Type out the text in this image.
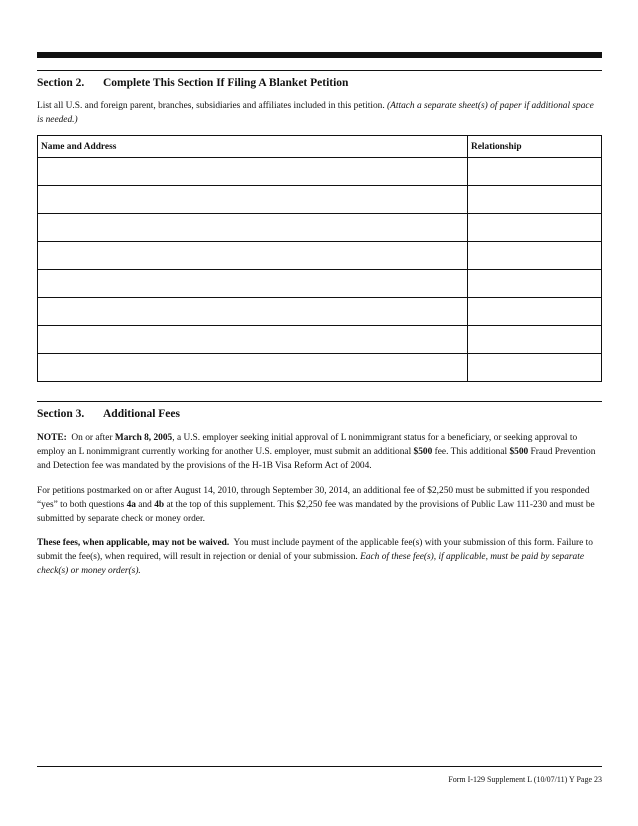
Section 2. Complete This Section If Filing A Blanket Petition
List all U.S. and foreign parent, branches, subsidiaries and affiliates included in this petition. (Attach a separate sheet(s) of paper if additional space is needed.)
Name and Address	Relationship

Section 3. Additional Fees
NOTE: On or after March 8, 2005, a U.S. employer seeking initial approval of L nonimmigrant status for a beneficiary, or seeking approval to employ an L nonimmigrant currently working for another U.S. employer, must submit an additional $500 fee. This additional $500 Fraud Prevention and Detection fee was mandated by the provisions of the H-1B Visa Reform Act of 2004.
For petitions postmarked on or after August 14, 2010, through September 30, 2014, an additional fee of $2,250 must be submitted if you responded “yes” to both questions 4a and 4b at the top of this supplement. This $2,250 fee was mandated by the provisions of Public Law 111-230 and must be submitted by separate check or money order.
These fees, when applicable, may not be waived. You must include payment of the applicable fee(s) with your submission of this form. Failure to submit the fee(s), when required, will result in rejection or denial of your submission. Each of these fee(s), if applicable, must be paid by separate check(s) or money order(s).
Form I-129 Supplement L (10/07/11) Y Page 23
